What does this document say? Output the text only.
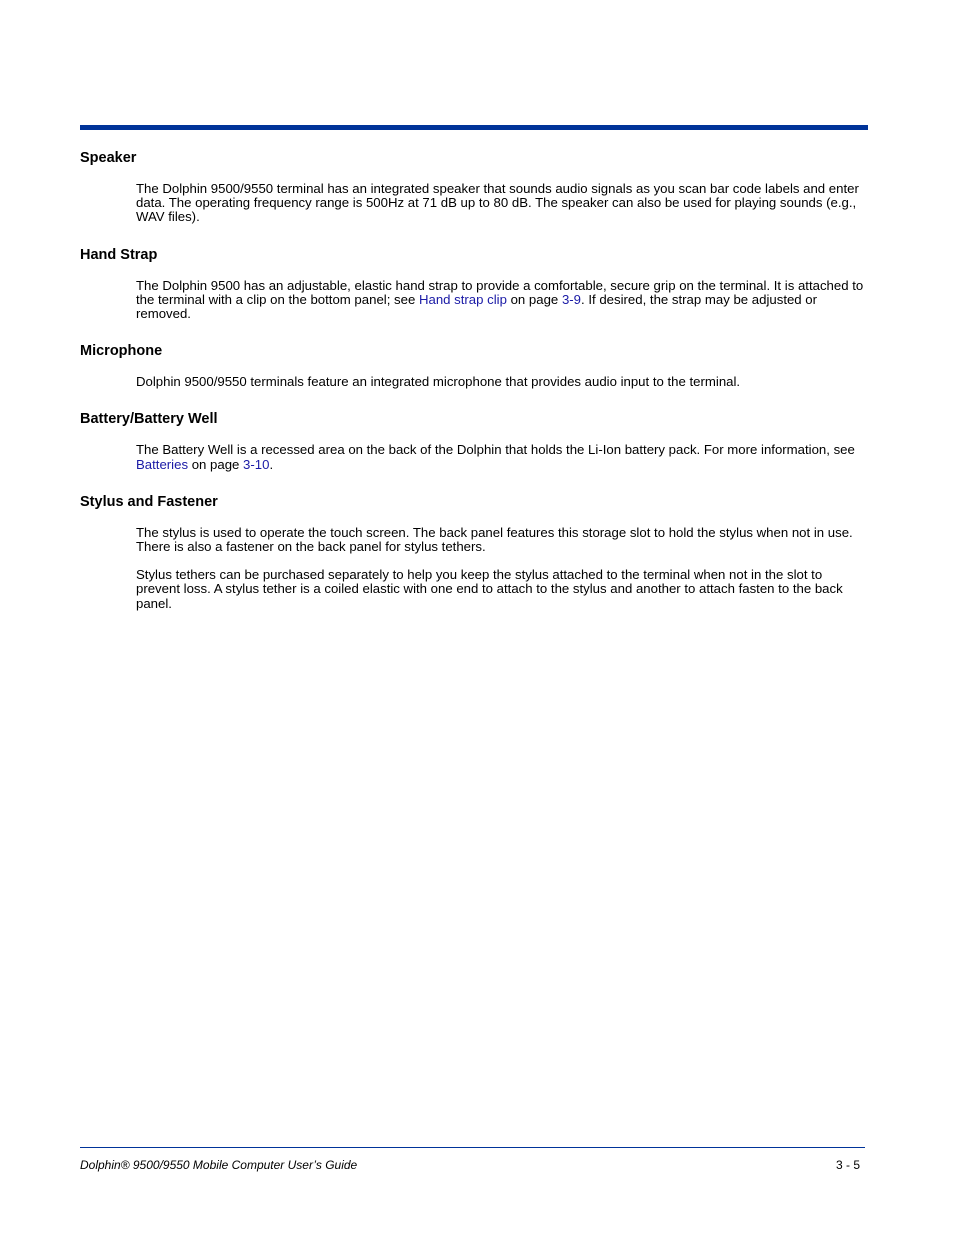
Speaker

The Dolphin 9500/9550 terminal has an integrated speaker that sounds audio signals as you scan bar code labels and enter data. The operating frequency range is 500Hz at 71 dB up to 80 dB. The speaker can also be used for playing sounds (e.g., WAV files).

Hand Strap

The Dolphin 9500 has an adjustable, elastic hand strap to provide a comfortable, secure grip on the terminal. It is attached to the terminal with a clip on the bottom panel; see Hand strap clip on page 3-9. If desired, the strap may be adjusted or removed.

Microphone

Dolphin 9500/9550 terminals feature an integrated microphone that provides audio input to the terminal.

Battery/Battery Well

The Battery Well is a recessed area on the back of the Dolphin that holds the Li-Ion battery pack. For more information, see Batteries on page 3-10.

Stylus and Fastener

The stylus is used to operate the touch screen. The back panel features this storage slot to hold the stylus when not in use. There is also a fastener on the back panel for stylus tethers.

Stylus tethers can be purchased separately to help you keep the stylus attached to the terminal when not in the slot to prevent loss. A stylus tether is a coiled elastic with one end to attach to the stylus and another to attach fasten to the back panel.

Dolphin® 9500/9550 Mobile Computer User’s Guide	3 - 5
